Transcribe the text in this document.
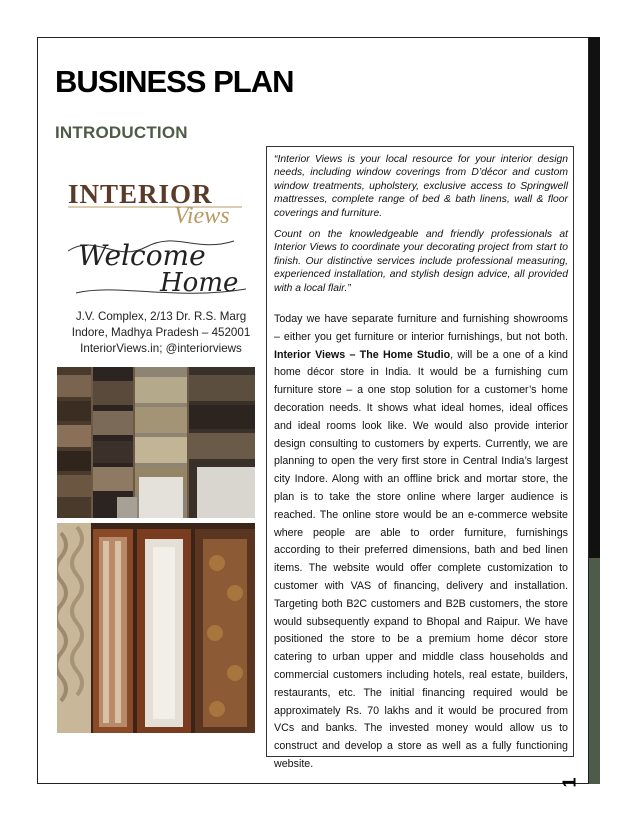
BUSINESS PLAN
INTRODUCTION
INTERIOR
Views
Welcome
Home
J.V. Complex, 2/13 Dr. R.S. Marg
Indore, Madhya Pradesh – 452001
InteriorViews.in; @interiorviews

“Interior Views is your local resource for your interior design needs, including window coverings from D’décor and custom window treatments, upholstery, exclusive access to Springwell mattresses, complete range of bed & bath linens, wall & floor coverings and furniture.

Count on the knowledgeable and friendly professionals at Interior Views to coordinate your decorating project from start to finish. Our distinctive services include professional measuring, experienced installation, and stylish design advice, all provided with a local flair.”

Today we have separate furniture and furnishing showrooms – either you get furniture or interior furnishings, but not both. Interior Views – The Home Studio, will be a one of a kind home décor store in India. It would be a furnishing cum furniture store – a one stop solution for a customer’s home decoration needs. It shows what ideal homes, ideal offices and ideal rooms look like. We would also provide interior design consulting to customers by experts. Currently, we are planning to open the very first store in Central India’s largest city Indore. Along with an offline brick and mortar store, the plan is to take the store online where larger audience is reached. The online store would be an e-commerce website where people are able to order furniture, furnishings according to their preferred dimensions, bath and bed linen items. The website would offer complete customization to customer with VAS of financing, delivery and installation. Targeting both B2C customers and B2B customers, the store would subsequently expand to Bhopal and Raipur. We have positioned the store to be a premium home décor store catering to urban upper and middle class households and commercial customers including hotels, real estate, builders, restaurants, etc. The initial financing required would be approximately Rs. 70 lakhs and it would be procured from VCs and banks. The invested money would allow us to construct and develop a store as well as a fully functioning website.

1
